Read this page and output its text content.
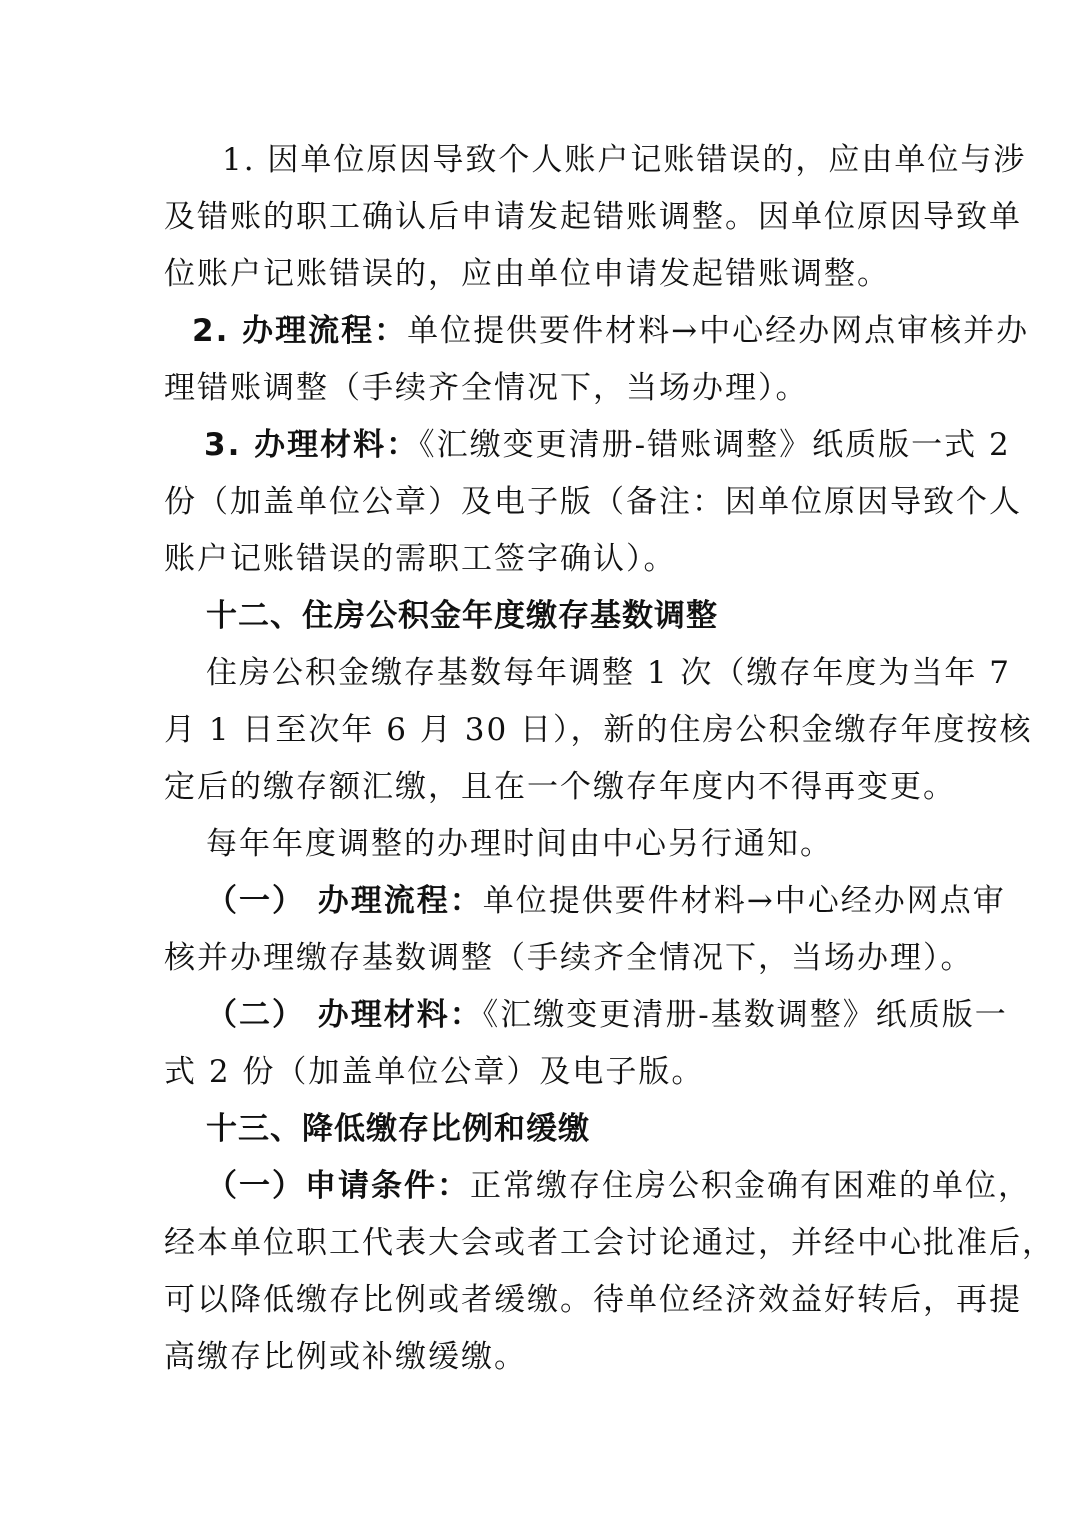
1. 因单位原因导致个人账户记账错误的，应由单位与涉
及错账的职工确认后申请发起错账调整。因单位原因导致单
位账户记账错误的，应由单位申请发起错账调整。
2. 办理流程：单位提供要件材料→中心经办网点审核并办
理错账调整（手续齐全情况下，当场办理）。
3. 办理材料：《汇缴变更清册-错账调整》纸质版一式 2
份（加盖单位公章）及电子版（备注：因单位原因导致个人
账户记账错误的需职工签字确认）。
十二、住房公积金年度缴存基数调整
住房公积金缴存基数每年调整 1 次（缴存年度为当年 7
月 1 日至次年 6 月 30 日），新的住房公积金缴存年度按核
定后的缴存额汇缴，且在一个缴存年度内不得再变更。
每年年度调整的办理时间由中心另行通知。
（一） 办理流程：单位提供要件材料→中心经办网点审
核并办理缴存基数调整（手续齐全情况下，当场办理）。
（二） 办理材料：《汇缴变更清册-基数调整》纸质版一
式 2 份（加盖单位公章）及电子版。
十三、降低缴存比例和缓缴
（一）申请条件：正常缴存住房公积金确有困难的单位，
经本单位职工代表大会或者工会讨论通过，并经中心批准后，
可以降低缴存比例或者缓缴。待单位经济效益好转后，再提
高缴存比例或补缴缓缴。
